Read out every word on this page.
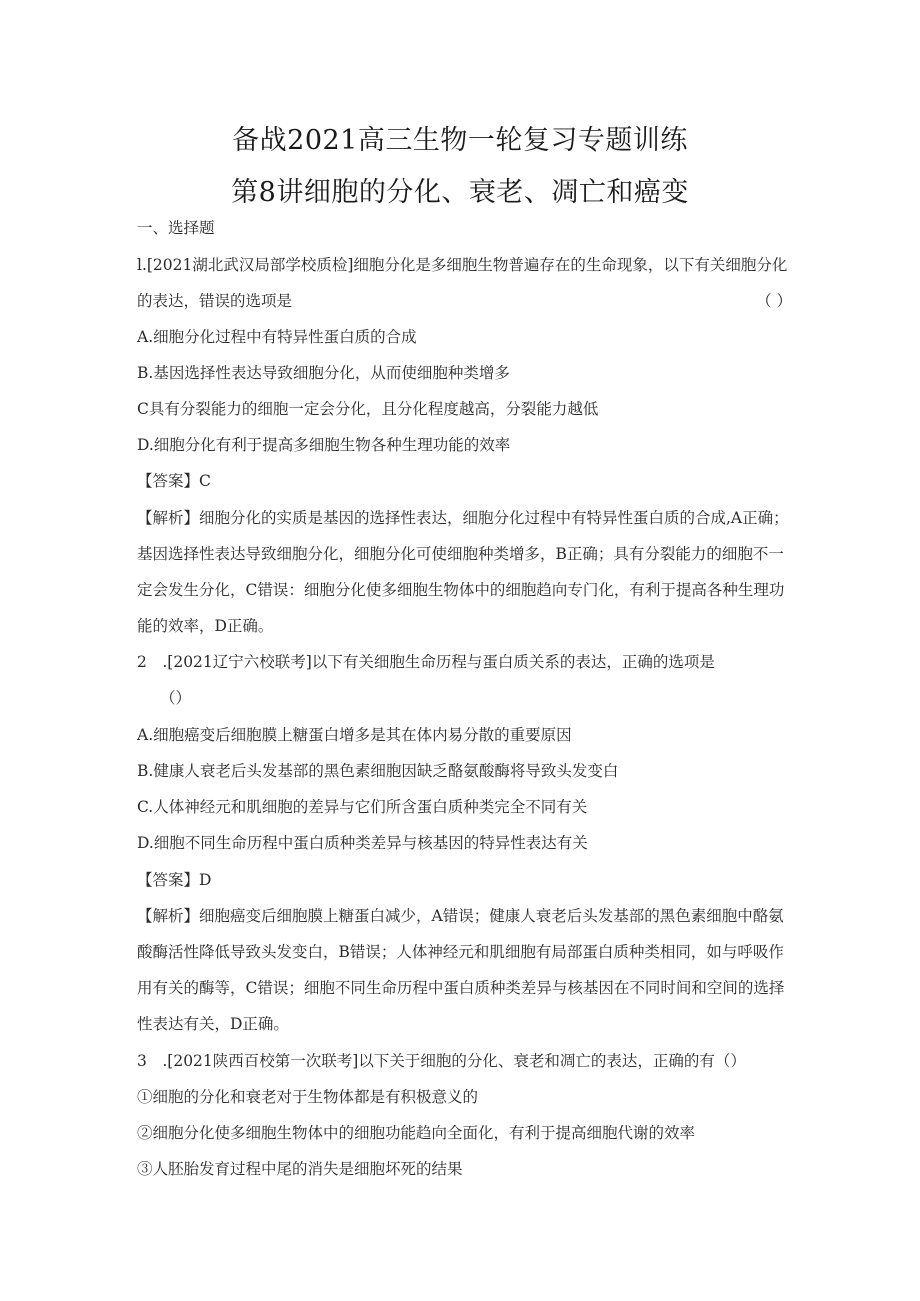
备战2021高三生物一轮复习专题训练
第8讲细胞的分化、衰老、凋亡和癌变
一、选择题
l.[2021湖北武汉局部学校质检]细胞分化是多细胞生物普遍存在的生命现象，以下有关细胞分化
的表达，错误的选项是	（ ）
A.细胞分化过程中有特异性蛋白质的合成
B.基因选择性表达导致细胞分化，从而使细胞种类增多
C具有分裂能力的细胞一定会分化，且分化程度越高，分裂能力越低
D.细胞分化有利于提高多细胞生物各种生理功能的效率
【答案】C
【解析】细胞分化的实质是基因的选择性表达，细胞分化过程中有特异性蛋白质的合成,A正确；
基因选择性表达导致细胞分化，细胞分化可使细胞种类增多，B正确；具有分裂能力的细胞不一
定会发生分化，C错误：细胞分化使多细胞生物体中的细胞趋向专门化，有利于提高各种生理功
能的效率，D正确。
2　.[2021辽宁六校联考]以下有关细胞生命历程与蛋白质关系的表达，正确的选项是
（）
A.细胞癌变后细胞膜上糖蛋白增多是其在体内易分散的重要原因
B.健康人衰老后头发基部的黑色素细胞因缺乏酪氨酸酶将导致头发变白
C.人体神经元和肌细胞的差异与它们所含蛋白质种类完全不同有关
D.细胞不同生命历程中蛋白质种类差异与核基因的特异性表达有关
【答案】D
【解析】细胞癌变后细胞膜上糖蛋白减少，A错误；健康人衰老后头发基部的黑色素细胞中酪氨
酸酶活性降低导致头发变白，B错误；人体神经元和肌细胞有局部蛋白质种类相同，如与呼吸作
用有关的酶等，C错误；细胞不同生命历程中蛋白质种类差异与核基因在不同时间和空间的选择
性表达有关，D正确。
3　.[2021陕西百校第一次联考]以下关于细胞的分化、衰老和凋亡的表达，正确的有（）
①细胞的分化和衰老对于生物体都是有积极意义的
②细胞分化使多细胞生物体中的细胞功能趋向全面化，有利于提高细胞代谢的效率
③人胚胎发育过程中尾的消失是细胞坏死的结果
